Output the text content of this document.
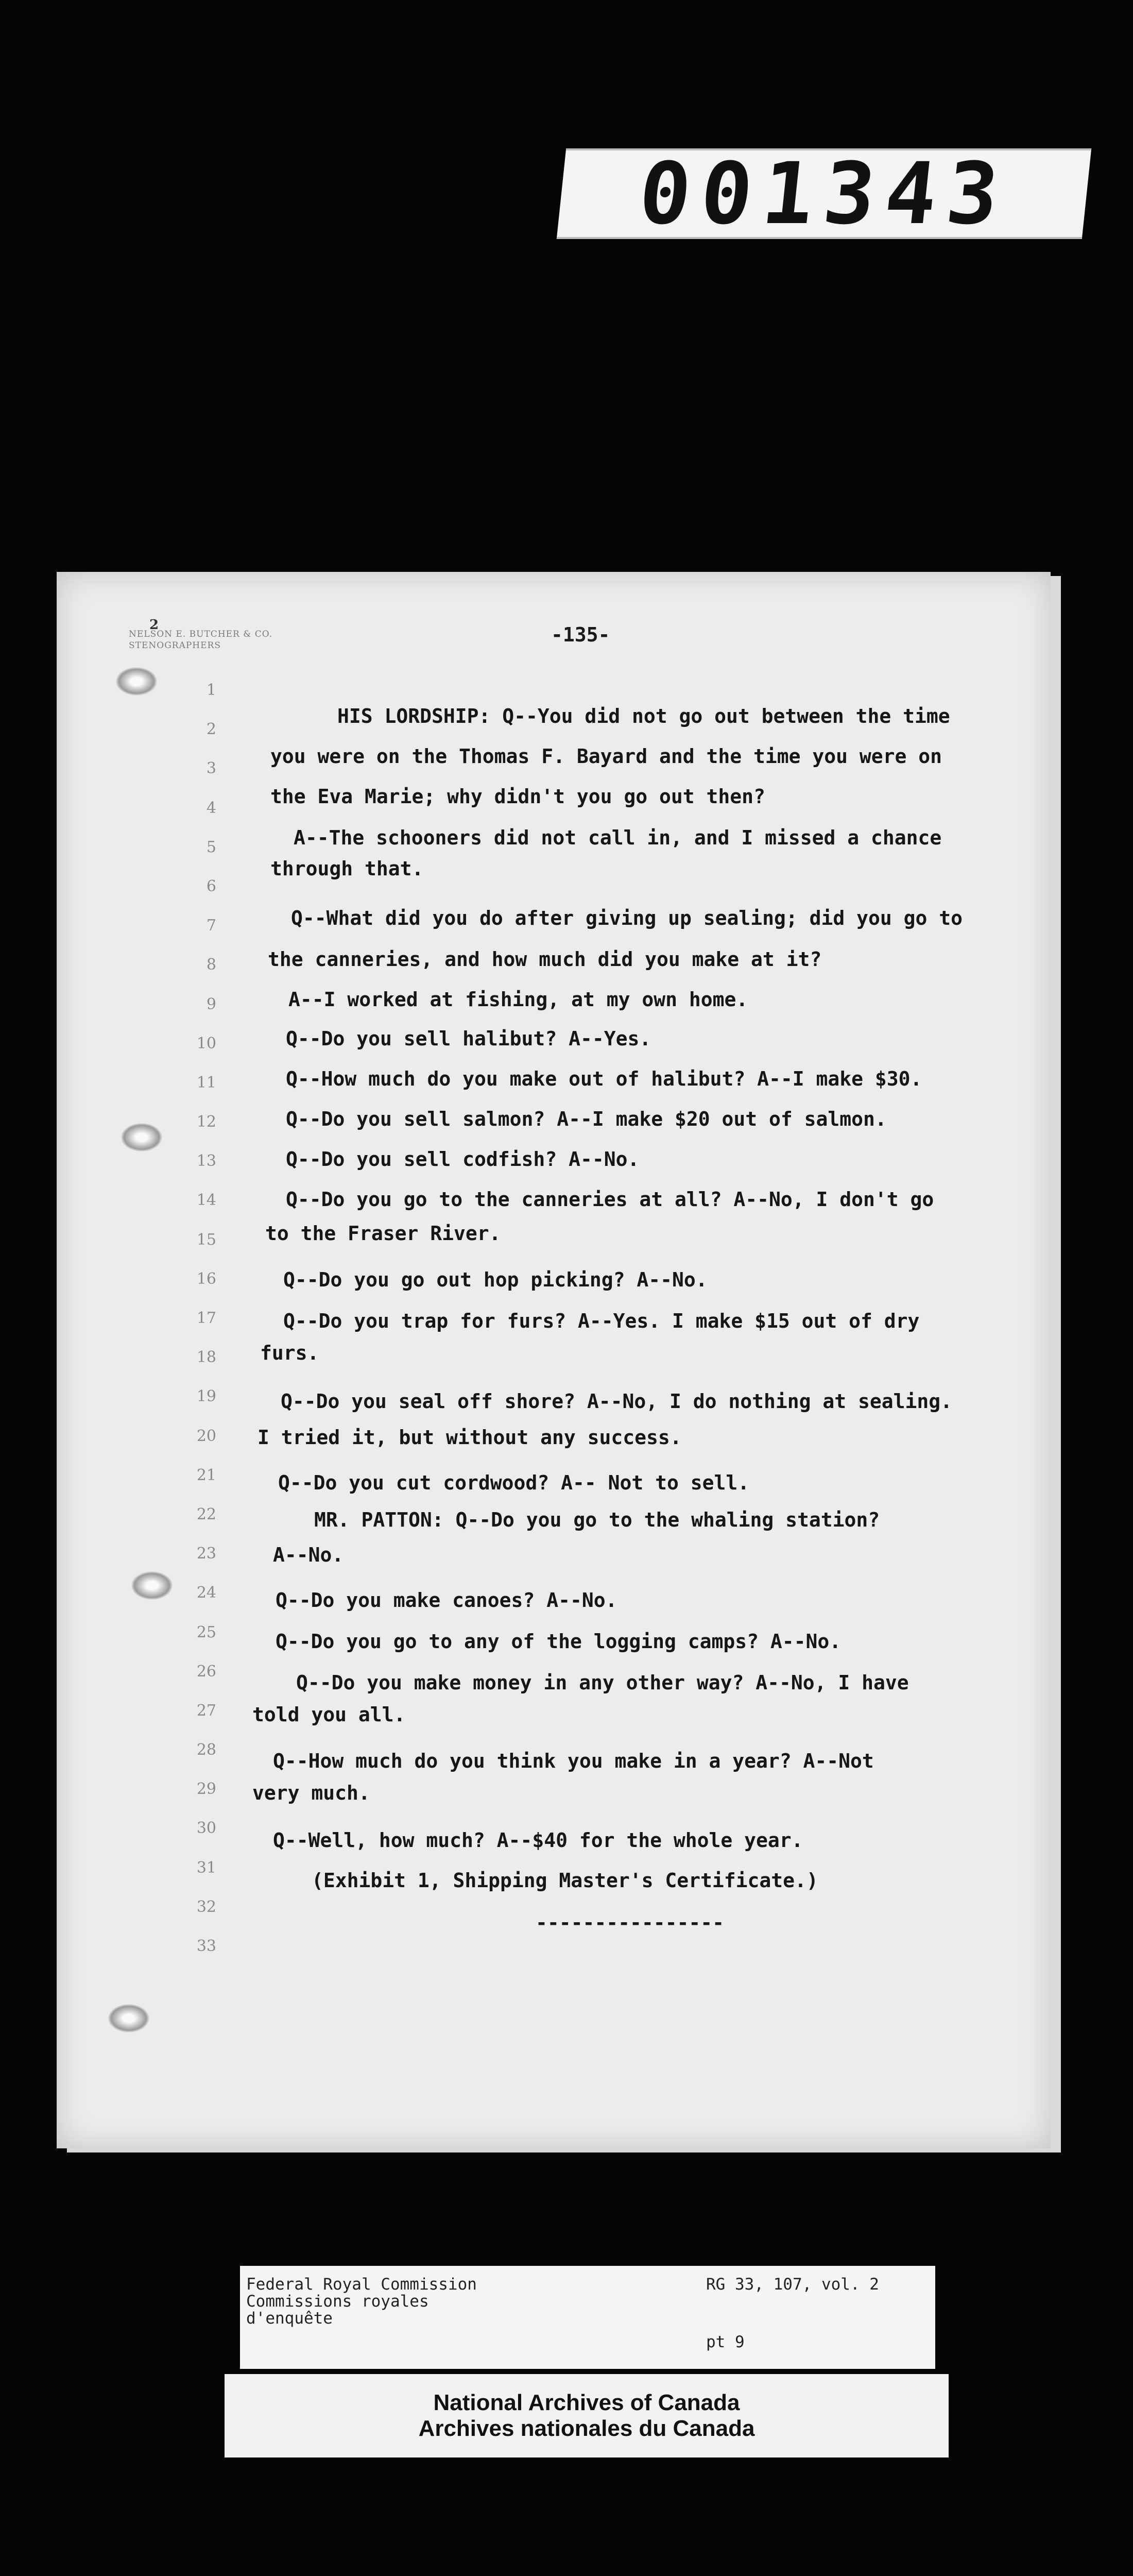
001343
2
NELSON E. BUTCHER & CO.
STENOGRAPHERS	-135-
1
2
3
4
5
6
7
8
9
10
11
12
13
14
15
16
17
18
19
20
21
22
23
24
25
26
27
28
29
30
31
32
33
HIS LORDSHIP: Q--You did not go out between the time
you were on the Thomas F. Bayard and the time you were on
the Eva Marie; why didn't you go out then?
A--The schooners did not call in, and I missed a chance
through that.
Q--What did you do after giving up sealing; did you go to
the canneries, and how much did you make at it?
A--I worked at fishing, at my own home.
Q--Do you sell halibut? A--Yes.
Q--How much do you make out of halibut? A--I make $30.
Q--Do you sell salmon? A--I make $20 out of salmon.
Q--Do you sell codfish? A--No.
Q--Do you go to the canneries at all? A--No, I don't go
to the Fraser River.
Q--Do you go out hop picking? A--No.
Q--Do you trap for furs? A--Yes. I make $15 out of dry
furs.
Q--Do you seal off shore? A--No, I do nothing at sealing.
I tried it, but without any success.
Q--Do you cut cordwood? A-- Not to sell.
MR. PATTON: Q--Do you go to the whaling station?
A--No.
Q--Do you make canoes? A--No.
Q--Do you go to any of the logging camps? A--No.
Q--Do you make money in any other way? A--No, I have
told you all.
Q--How much do you think you make in a year? A--Not
very much.
Q--Well, how much? A--$40 for the whole year.
(Exhibit 1, Shipping Master's Certificate.)
----------------
Federal Royal Commission
Commissions royales
d'enquête
RG 33, 107, vol. 2
pt 9
National Archives of Canada
Archives nationales du Canada
